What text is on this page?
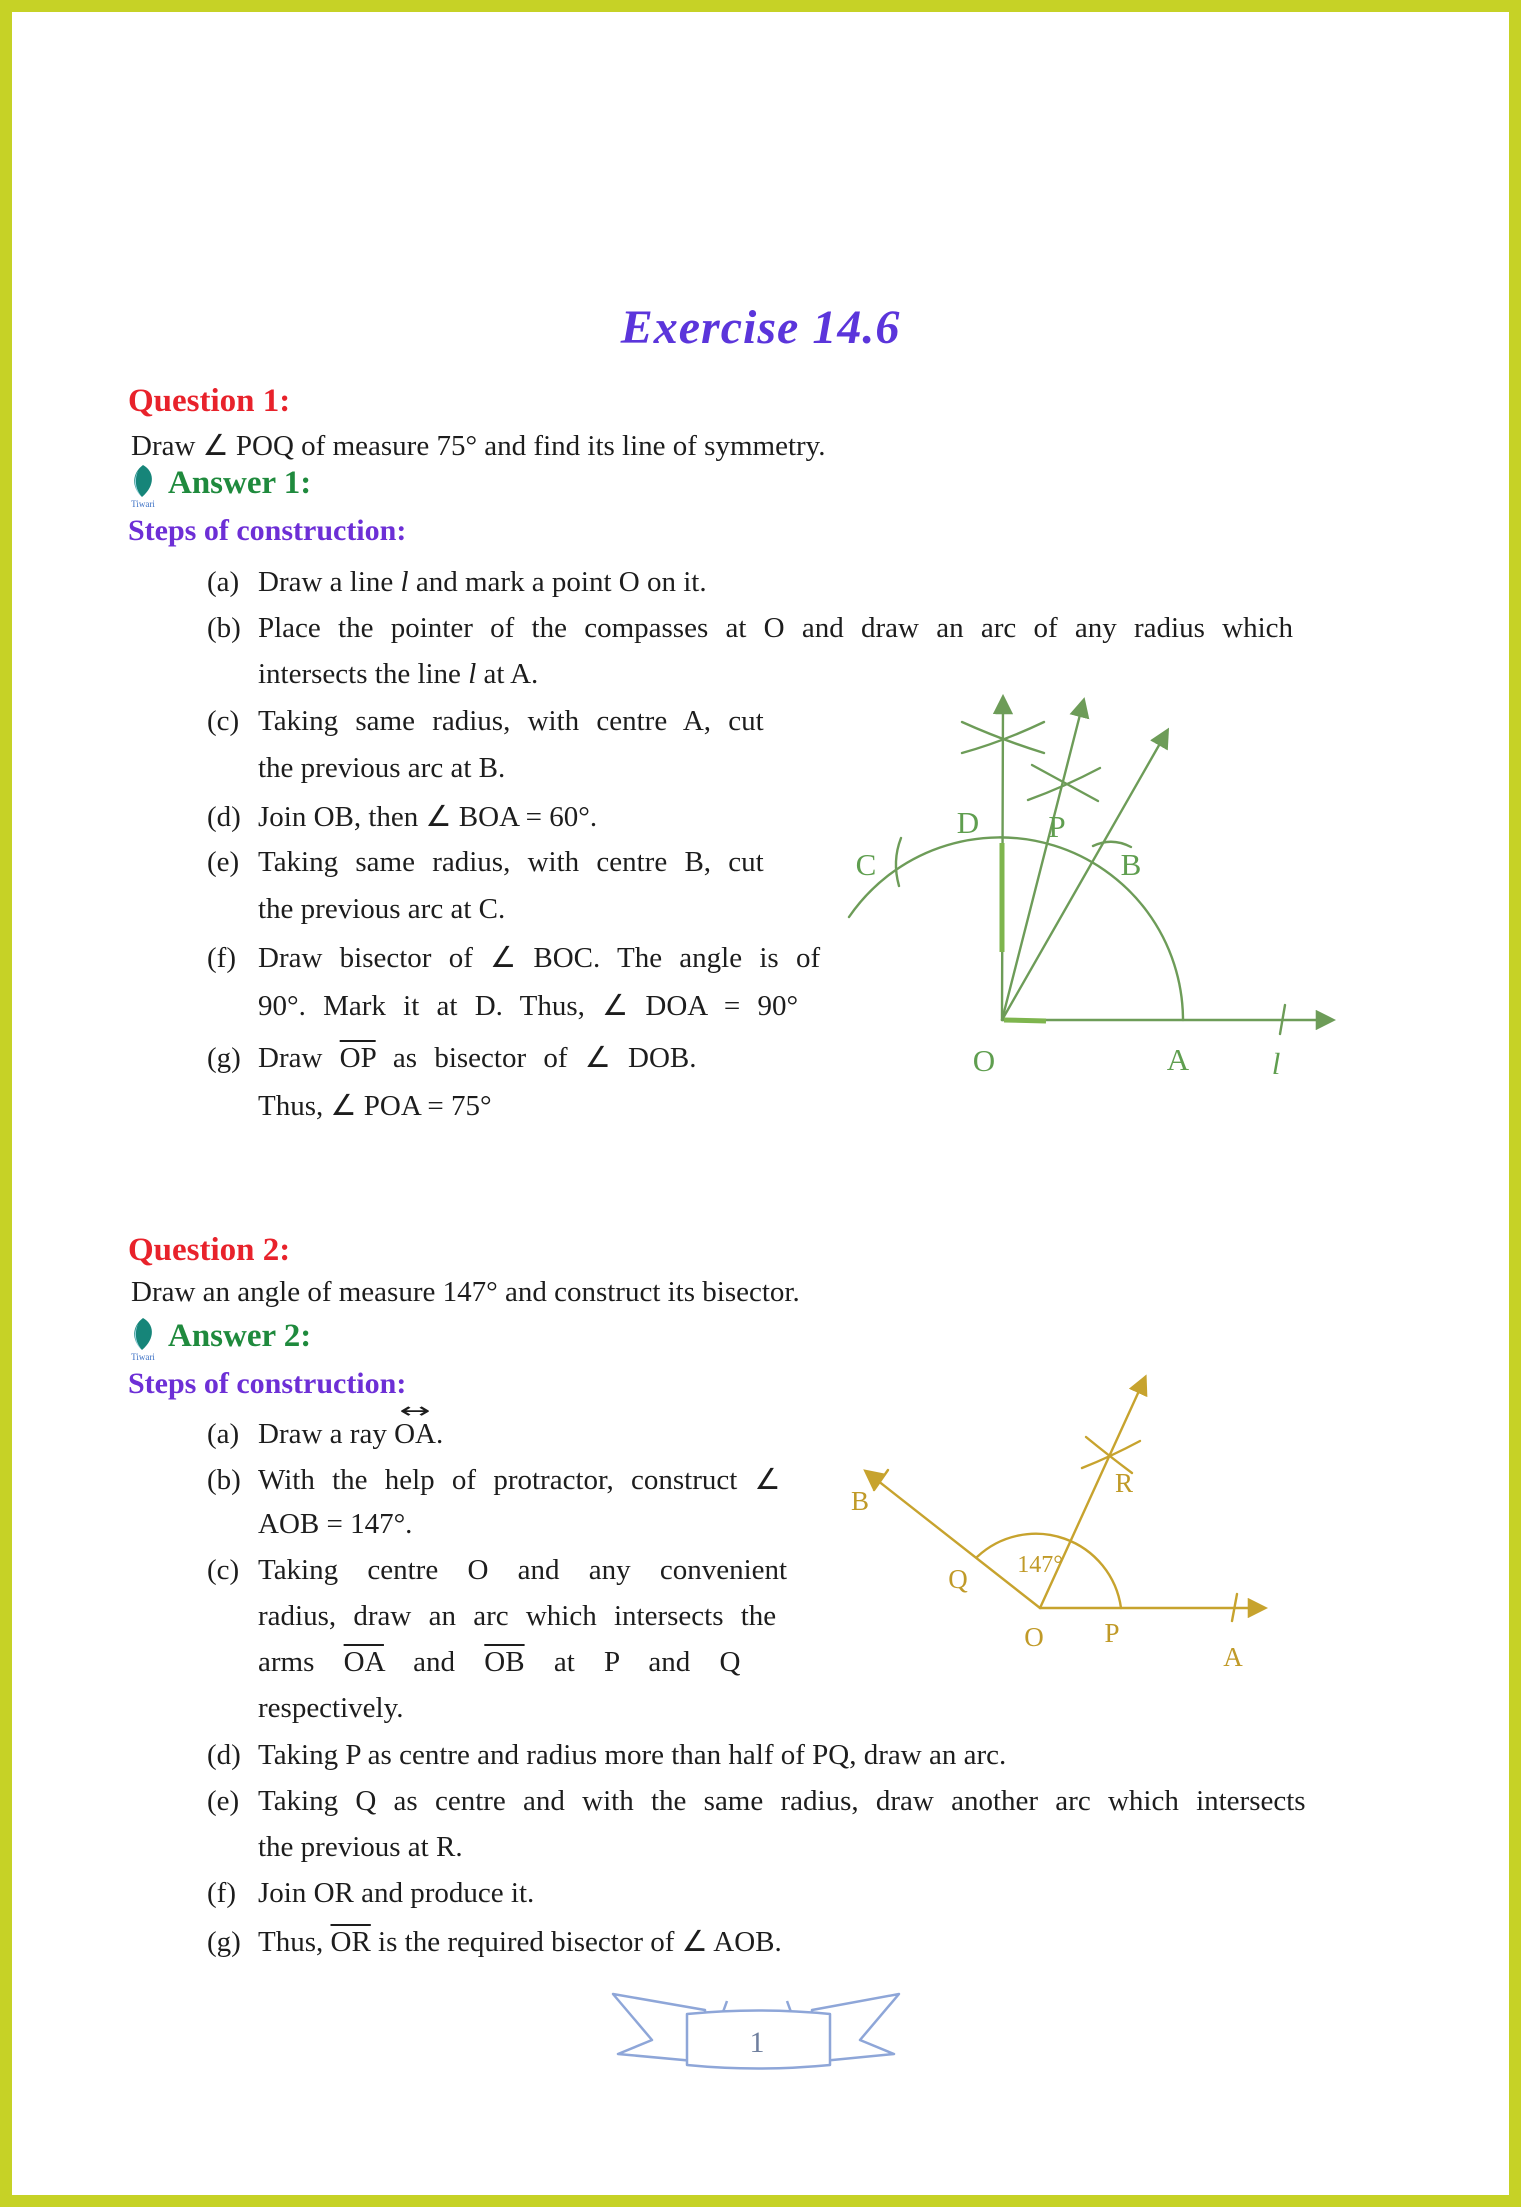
Exercise 14.6
Question 1:
Draw ∠ POQ of measure 75° and find its line of symmetry.
Tiwari
Answer 1:
Steps of construction:
(a) Draw a line l and mark a point O on it.
(b) Place the pointer of the compasses at O and draw an arc of any radius which
intersects the line l at A.
(c) Taking same radius, with centre A, cut
the previous arc at B.
(d) Join OB, then ∠ BOA = 60°.
(e) Taking same radius, with centre B, cut
the previous arc at C.
(f) Draw bisector of ∠ BOC. The angle is of
90°. Mark it at D. Thus, ∠ DOA = 90°
(g) Draw $\overline{OP}$ as bisector of ∠ DOB.
Thus, ∠ POA = 75°
D P
B
C
O	A	l
Question 2:
Draw an angle of measure 147° and construct its bisector.
Tiwari
Answer 2:
Steps of construction:
(a) Draw a ray
↔
OA.
(b) With the help of protractor, construct ∠
AOB = 147°.
(c) Taking centre O and any convenient
radius, draw an arc which intersects the
arms $\overline{OA}$ and $\overline{OB}$ at P and Q
respectively.
(d) Taking P as centre and radius more than half of PQ, draw an arc.
(e) Taking Q as centre and with the same radius, draw another arc which intersects
the previous at R.
(f) Join OR and produce it.
(g) Thus, $\overline{OR}$ is the required bisector of ∠ AOB.
B
Q
R
O P
A
147°
1
